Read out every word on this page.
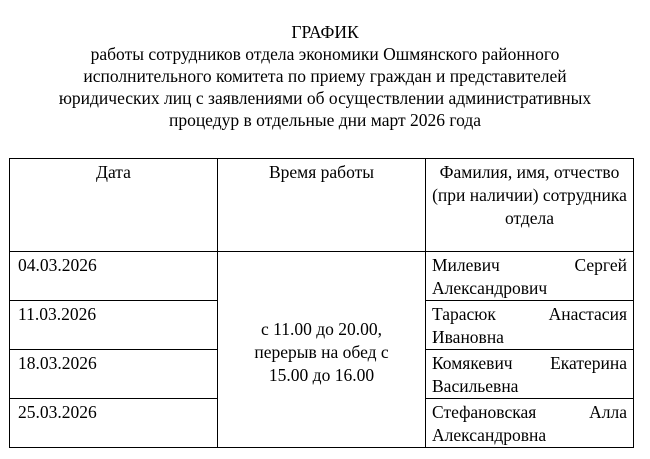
ГРАФИК
работы сотрудников отдела экономики Ошмянского районного
исполнительного комитета по приему граждан и представителей
юридических лиц с заявлениями об осуществлении административных
процедур в отдельные дни март 2026 года
Дата	Время работы	Фамилия, имя, отчество (при наличии) сотрудника отдела
04.03.2026	с 11.00 до 20.00, перерыв на обед с 15.00 до 16.00	Милевич Сергей
Александрович

11.03.2026		Тарасюк Анастасия
Ивановна

18.03.2026		Комякевич Екатерина
Васильевна

25.03.2026		Стефановская Алла
Александровна
